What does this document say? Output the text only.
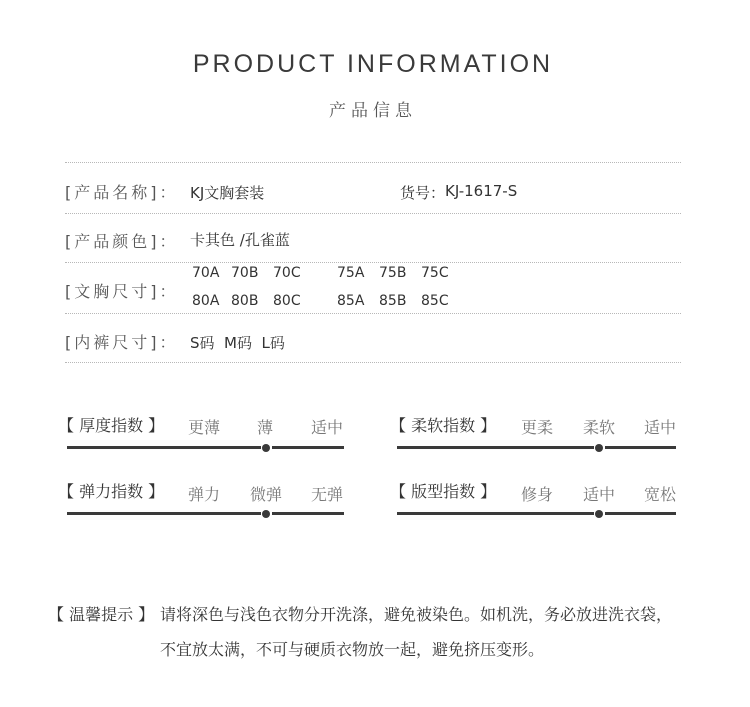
PRODUCT INFORMATION
产品信息
[产品名称]： KJ文胸套装	货号： KJ-1617-S
[产品颜色]： 卡其色 /孔雀蓝
[文胸尺寸]：
70A 70B 70C	75A 75B 75C
80A 80B 80C	85A 85B 85C
[内裤尺寸]： S码  M码  L码
【 厚度指数 】 更薄 薄 适中	【 柔软指数 】 更柔 柔软 适中
【 弹力指数 】 弹力 微弹 无弹	【 版型指数 】 修身 适中 宽松
【 温馨提示 】 请将深色与浅色衣物分开洗涤，避免被染色。如机洗，务必放进洗衣袋，
不宜放太满，不可与硬质衣物放一起，避免挤压变形。
